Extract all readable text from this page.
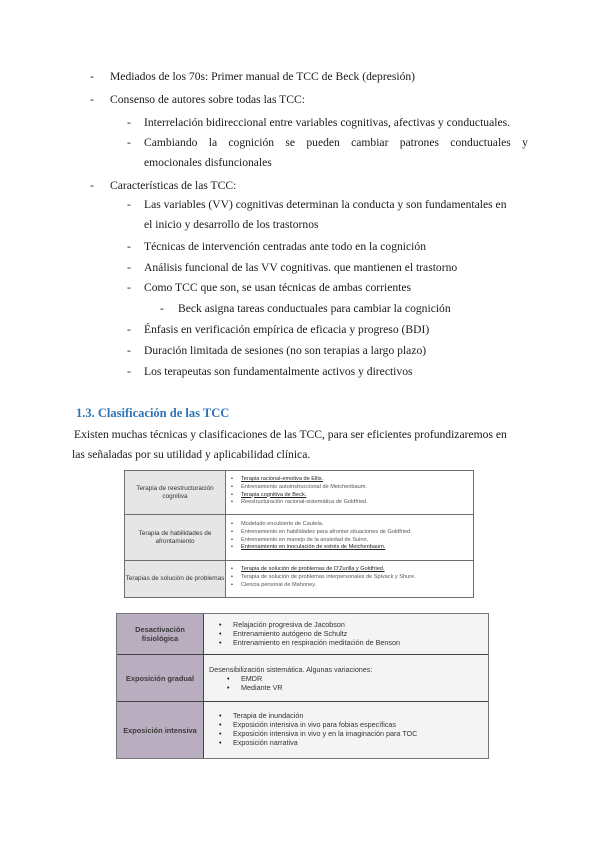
- Mediados de los 70s: Primer manual de TCC de Beck (depresión)
- Consenso de autores sobre todas las TCC:
- Interrelación bidireccional entre variables cognitivas, afectivas y conductuales.
- Cambiando la cognición se pueden cambiar patrones conductuales y
emocionales disfuncionales
- Características de las TCC:
- Las variables (VV) cognitivas determinan la conducta y son fundamentales en
el inicio y desarrollo de los trastornos
- Técnicas de intervención centradas ante todo en la cognición
- Análisis funcional de las VV cognitivas. que mantienen el trastorno
- Como TCC que son, se usan técnicas de ambas corrientes
- Beck asigna tareas conductuales para cambiar la cognición
- Énfasis en verificación empírica de eficacia y progreso (BDI)
- Duración limitada de sesiones (no son terapias a largo plazo)
- Los terapeutas son fundamentalmente activos y directivos
1.3. Clasificación de las TCC
Existen muchas técnicas y clasificaciones de las TCC, para ser eficientes profundizaremos en
las señaladas por su utilidad y aplicabilidad clínica.
Terapia de reestructuración cognitiva
• Terapia racional-emotiva de Ellis.
• Entrenamiento autoinstruccional de Meichenbaum.
• Terapia cognitiva de Beck.
• Reestructuración racional-sistemática de Goldfried.
Terapia de habilidades de afrontamiento
• Modelado encubierto de Cautela.
• Entrenamiento en habilidades para afrontar situaciones de Goldfried.
• Entrenamiento en manejo de la ansiedad de Suinn.
• Entrenamiento en inoculación de estrés de Meichenbaum.
Terapias de solución de problemas
• Terapia de solución de problemas de D'Zurilla y Goldfried.
• Terapia de solución de problemas interpersonales de Spivack y Shure.
• Ciencia personal de Mahoney.
Desactivación fisiológica
• Relajación progresiva de Jacobson
• Entrenamiento autógeno de Schultz
• Entrenamiento en respiración meditación de Benson
Exposición gradual
Desensibilización sistemática. Algunas variaciones:
• EMDR
• Mediante VR
Exposición intensiva
• Terapia de inundación
• Exposición intensiva in vivo para fobias específicas
• Exposición intensiva in vivo y en la imaginación para TOC
• Exposición narrativa
